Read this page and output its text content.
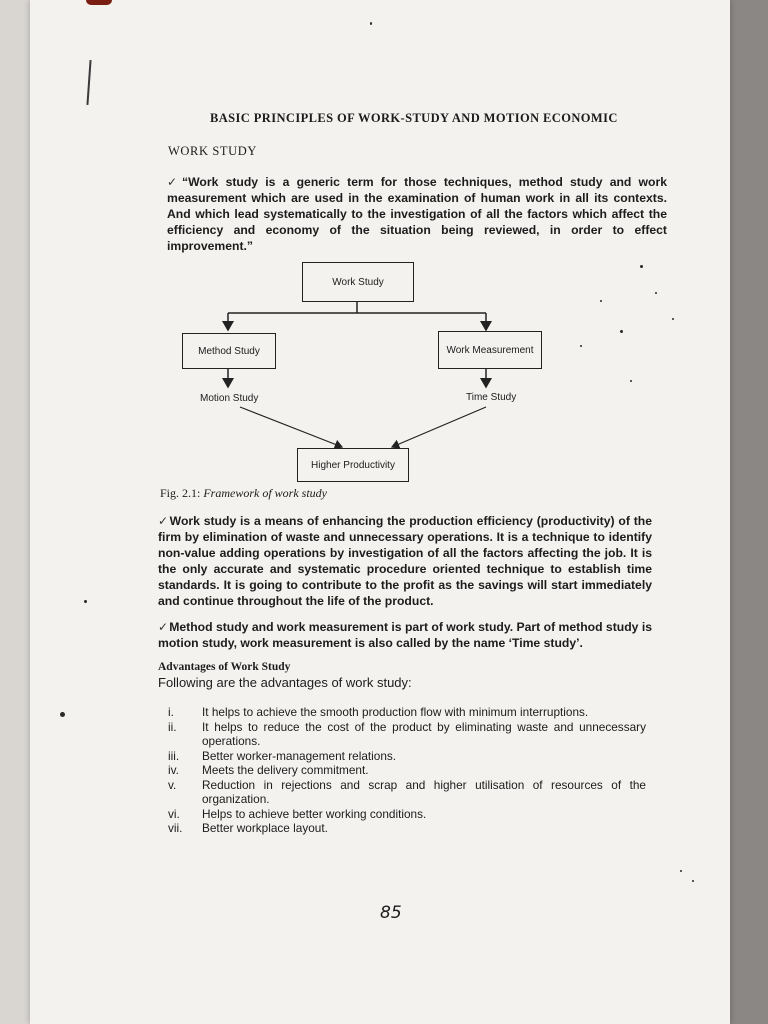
BASIC PRINCIPLES OF WORK-STUDY AND MOTION ECONOMIC
WORK STUDY
✓“Work study is a generic term for those techniques, method study and work measurement which are used in the examination of human work in all its contexts. And which lead systematically to the investigation of all the factors which affect the efficiency and economy of the situation being reviewed, in order to effect improvement.”
Work Study
Method Study	Work Measurement
Motion Study	Time Study
Higher Productivity
Fig. 2.1: Framework of work study
✓Work study is a means of enhancing the production efficiency (productivity) of the firm by elimination of waste and unnecessary operations. It is a technique to identify non-value adding operations by investigation of all the factors affecting the job. It is the only accurate and systematic procedure oriented technique to establish time standards. It is going to contribute to the profit as the savings will start immediately and continue throughout the life of the product.
✓Method study and work measurement is part of work study. Part of method study is motion study, work measurement is also called by the name ‘Time study’.
Advantages of Work Study
Following are the advantages of work study:
i.	It helps to achieve the smooth production flow with minimum interruptions.
ii.	It helps to reduce the cost of the product by eliminating waste and unnecessary operations.
iii.	Better worker-management relations.
iv.	Meets the delivery commitment.
v.	Reduction in rejections and scrap and higher utilisation of resources of the organization.
vi.	Helps to achieve better working conditions.
vii.	Better workplace layout.
85
